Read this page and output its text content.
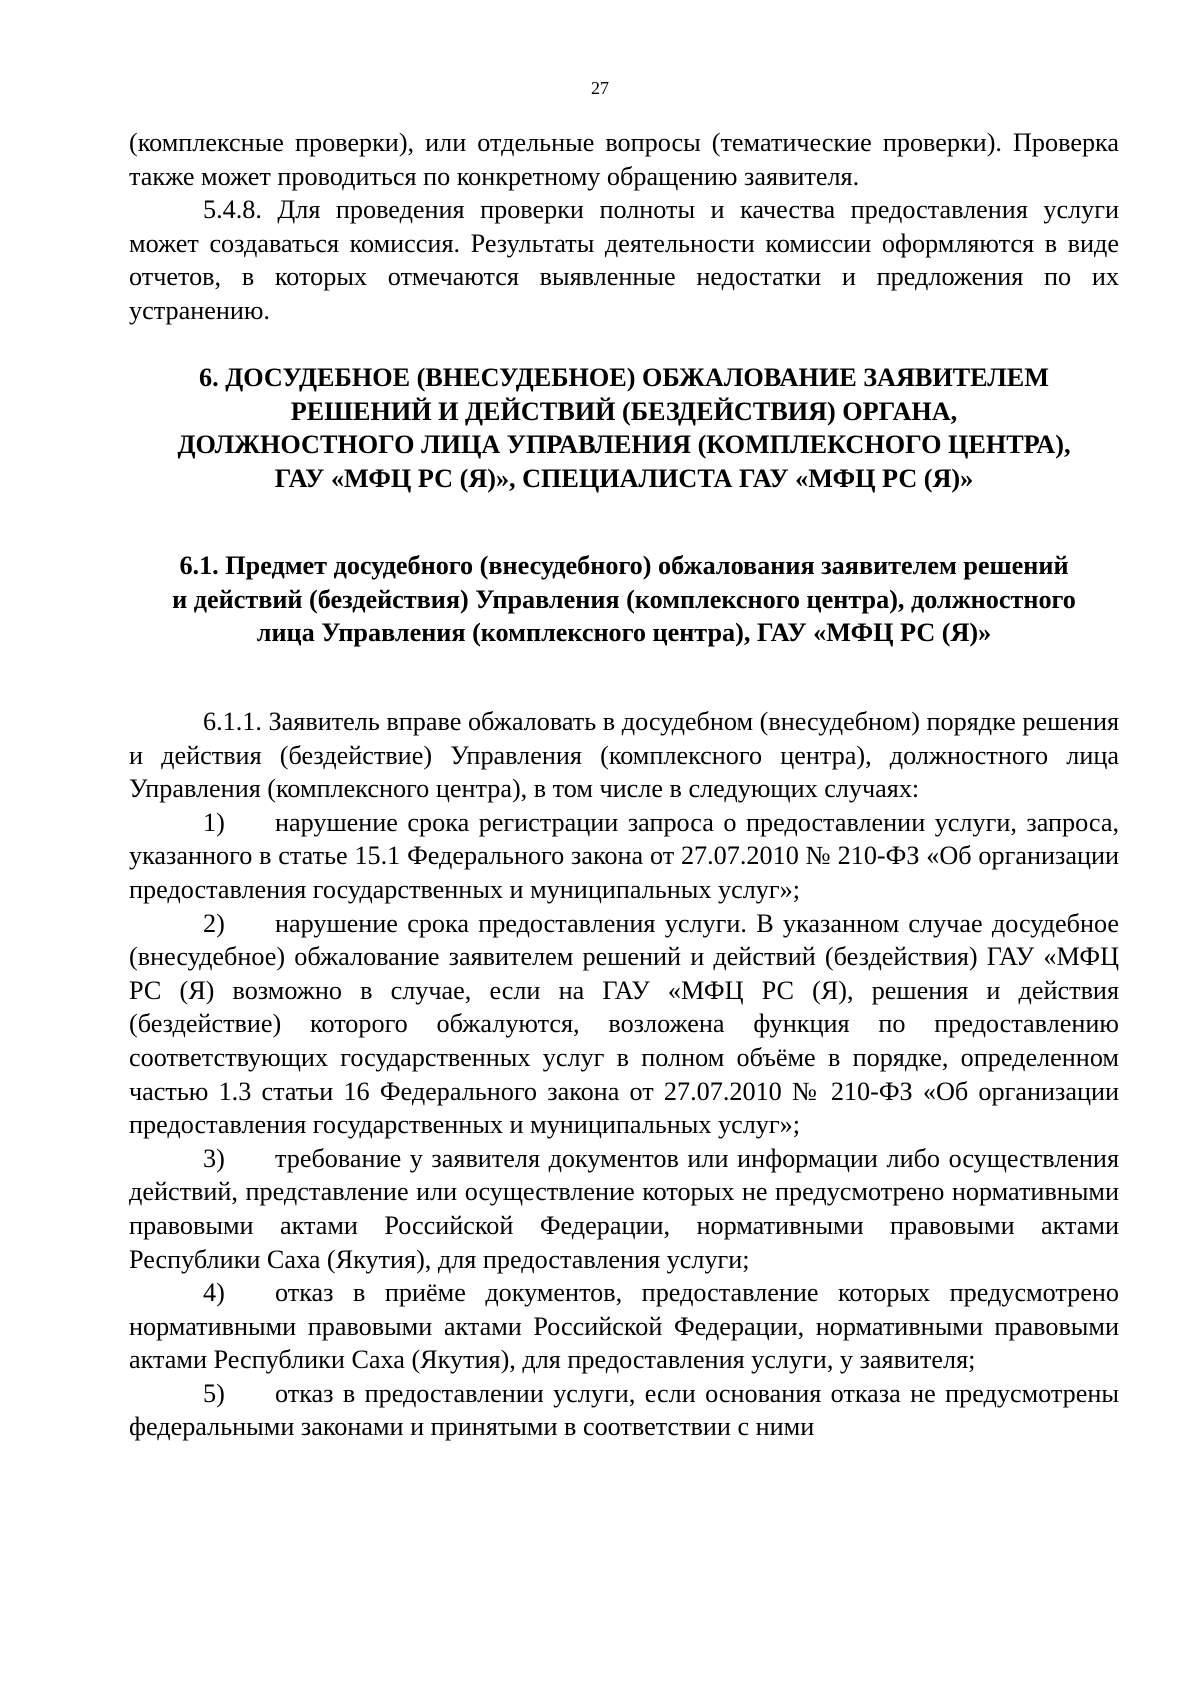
27

(комплексные проверки), или отдельные вопросы (тематические проверки). Проверка также может проводиться по конкретному обращению заявителя.

5.4.8. Для проведения проверки полноты и качества предоставления услуги может создаваться комиссия. Результаты деятельности комиссии оформляются в виде отчетов, в которых отмечаются выявленные недостатки и предложения по их устранению.

6. ДОСУДЕБНОЕ (ВНЕСУДЕБНОЕ) ОБЖАЛОВАНИЕ ЗАЯВИТЕЛЕМ

РЕШЕНИЙ И ДЕЙСТВИЙ (БЕЗДЕЙСТВИЯ) ОРГАНА,

ДОЛЖНОСТНОГО ЛИЦА УПРАВЛЕНИЯ (КОМПЛЕКСНОГО ЦЕНТРА),

ГАУ «МФЦ РС (Я)», СПЕЦИАЛИСТА ГАУ «МФЦ РС (Я)»

6.1. Предмет досудебного (внесудебного) обжалования заявителем решений

и действий (бездействия) Управления (комплексного центра), должностного

лица Управления (комплексного центра), ГАУ «МФЦ РС (Я)»

6.1.1. Заявитель вправе обжаловать в досудебном (внесудебном) порядке решения и действия (бездействие) Управления (комплексного центра), должностного лица Управления (комплексного центра), в том числе в следующих случаях:

1) нарушение срока регистрации запроса о предоставлении услуги, запроса, указанного в статье 15.1 Федерального закона от 27.07.2010 № 210-ФЗ «Об организации предоставления государственных и муниципальных услуг»;

2) нарушение срока предоставления услуги. В указанном случае досудебное (внесудебное) обжалование заявителем решений и действий (бездействия) ГАУ «МФЦ РС (Я) возможно в случае, если на ГАУ «МФЦ РС (Я), решения и действия (бездействие) которого обжалуются, возложена функция по предоставлению соответствующих государственных услуг в полном объёме в порядке, определенном частью 1.3 статьи 16 Федерального закона от 27.07.2010 № 210-ФЗ «Об организации предоставления государственных и муниципальных услуг»;

3) требование у заявителя документов или информации либо осуществления действий, представление или осуществление которых не предусмотрено нормативными правовыми актами Российской Федерации, нормативными правовыми актами Республики Саха (Якутия), для предоставления услуги;

4) отказ в приёме документов, предоставление которых предусмотрено нормативными правовыми актами Российской Федерации, нормативными правовыми актами Республики Саха (Якутия), для предоставления услуги, у заявителя;

5) отказ в предоставлении услуги, если основания отказа не предусмотрены федеральными законами и принятыми в соответствии с ними
